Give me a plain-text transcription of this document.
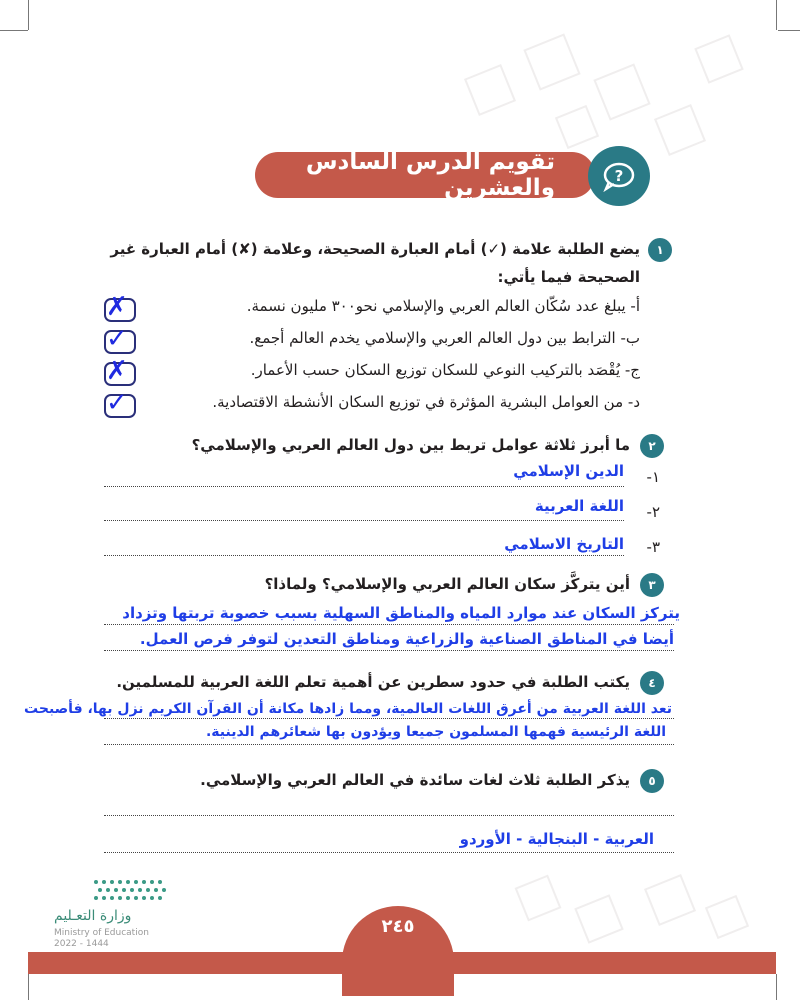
تقويم الدرس السادس والعشرين	?
١
يضع الطلبة علامة (✓) أمام العبارة الصحيحة، وعلامة (✘) أمام العبارة غير
الصحيحة فيما يأتي:
أ- يبلغ عدد سُكّان العالم العربي والإسلامي نحو٣٠٠ مليون نسمة.
✗
ب- الترابط بين دول العالم العربي والإسلامي يخدم العالم أجمع.
✓
ج- يُقْصَد بالتركيب النوعي للسكان توزيع السكان حسب الأعمار.
✗
د- من العوامل البشرية المؤثرة في توزيع السكان الأنشطة الاقتصادية.
✓
٢
ما أبرز ثلاثة عوامل تربط بين دول العالم العربي والإسلامي؟
١-
الدين الإسلامي
٢-
اللغة العربية
٣-
التاريخ الاسلامي
٣
أين يتركَّز سكان العالم العربي والإسلامي؟ ولماذا؟
يتركز السكان عند موارد المياه والمناطق السهلية بسبب خصوبة تربتها وتزداد
أيضا في المناطق الصناعية والزراعية ومناطق التعدين لتوفر فرص العمل.
٤
يكتب الطلبة في حدود سطرين عن أهمية تعلم اللغة العربية للمسلمين.
تعد اللغة العربية من أعرق اللغات العالمية، ومما زادها مكانة أن القرآن الكريم نزل بها، فأصبحت
اللغة الرئيسية فهمها المسلمون جميعا ويؤدون بها شعائرهم الدينية.
٥
يذكر الطلبة ثلاث لغات سائدة في العالم العربي والإسلامي.
العربية - البنجالية - الأوردو
وزارة التعـليم
Ministry of Education
2022 - 1444
٢٤٥
